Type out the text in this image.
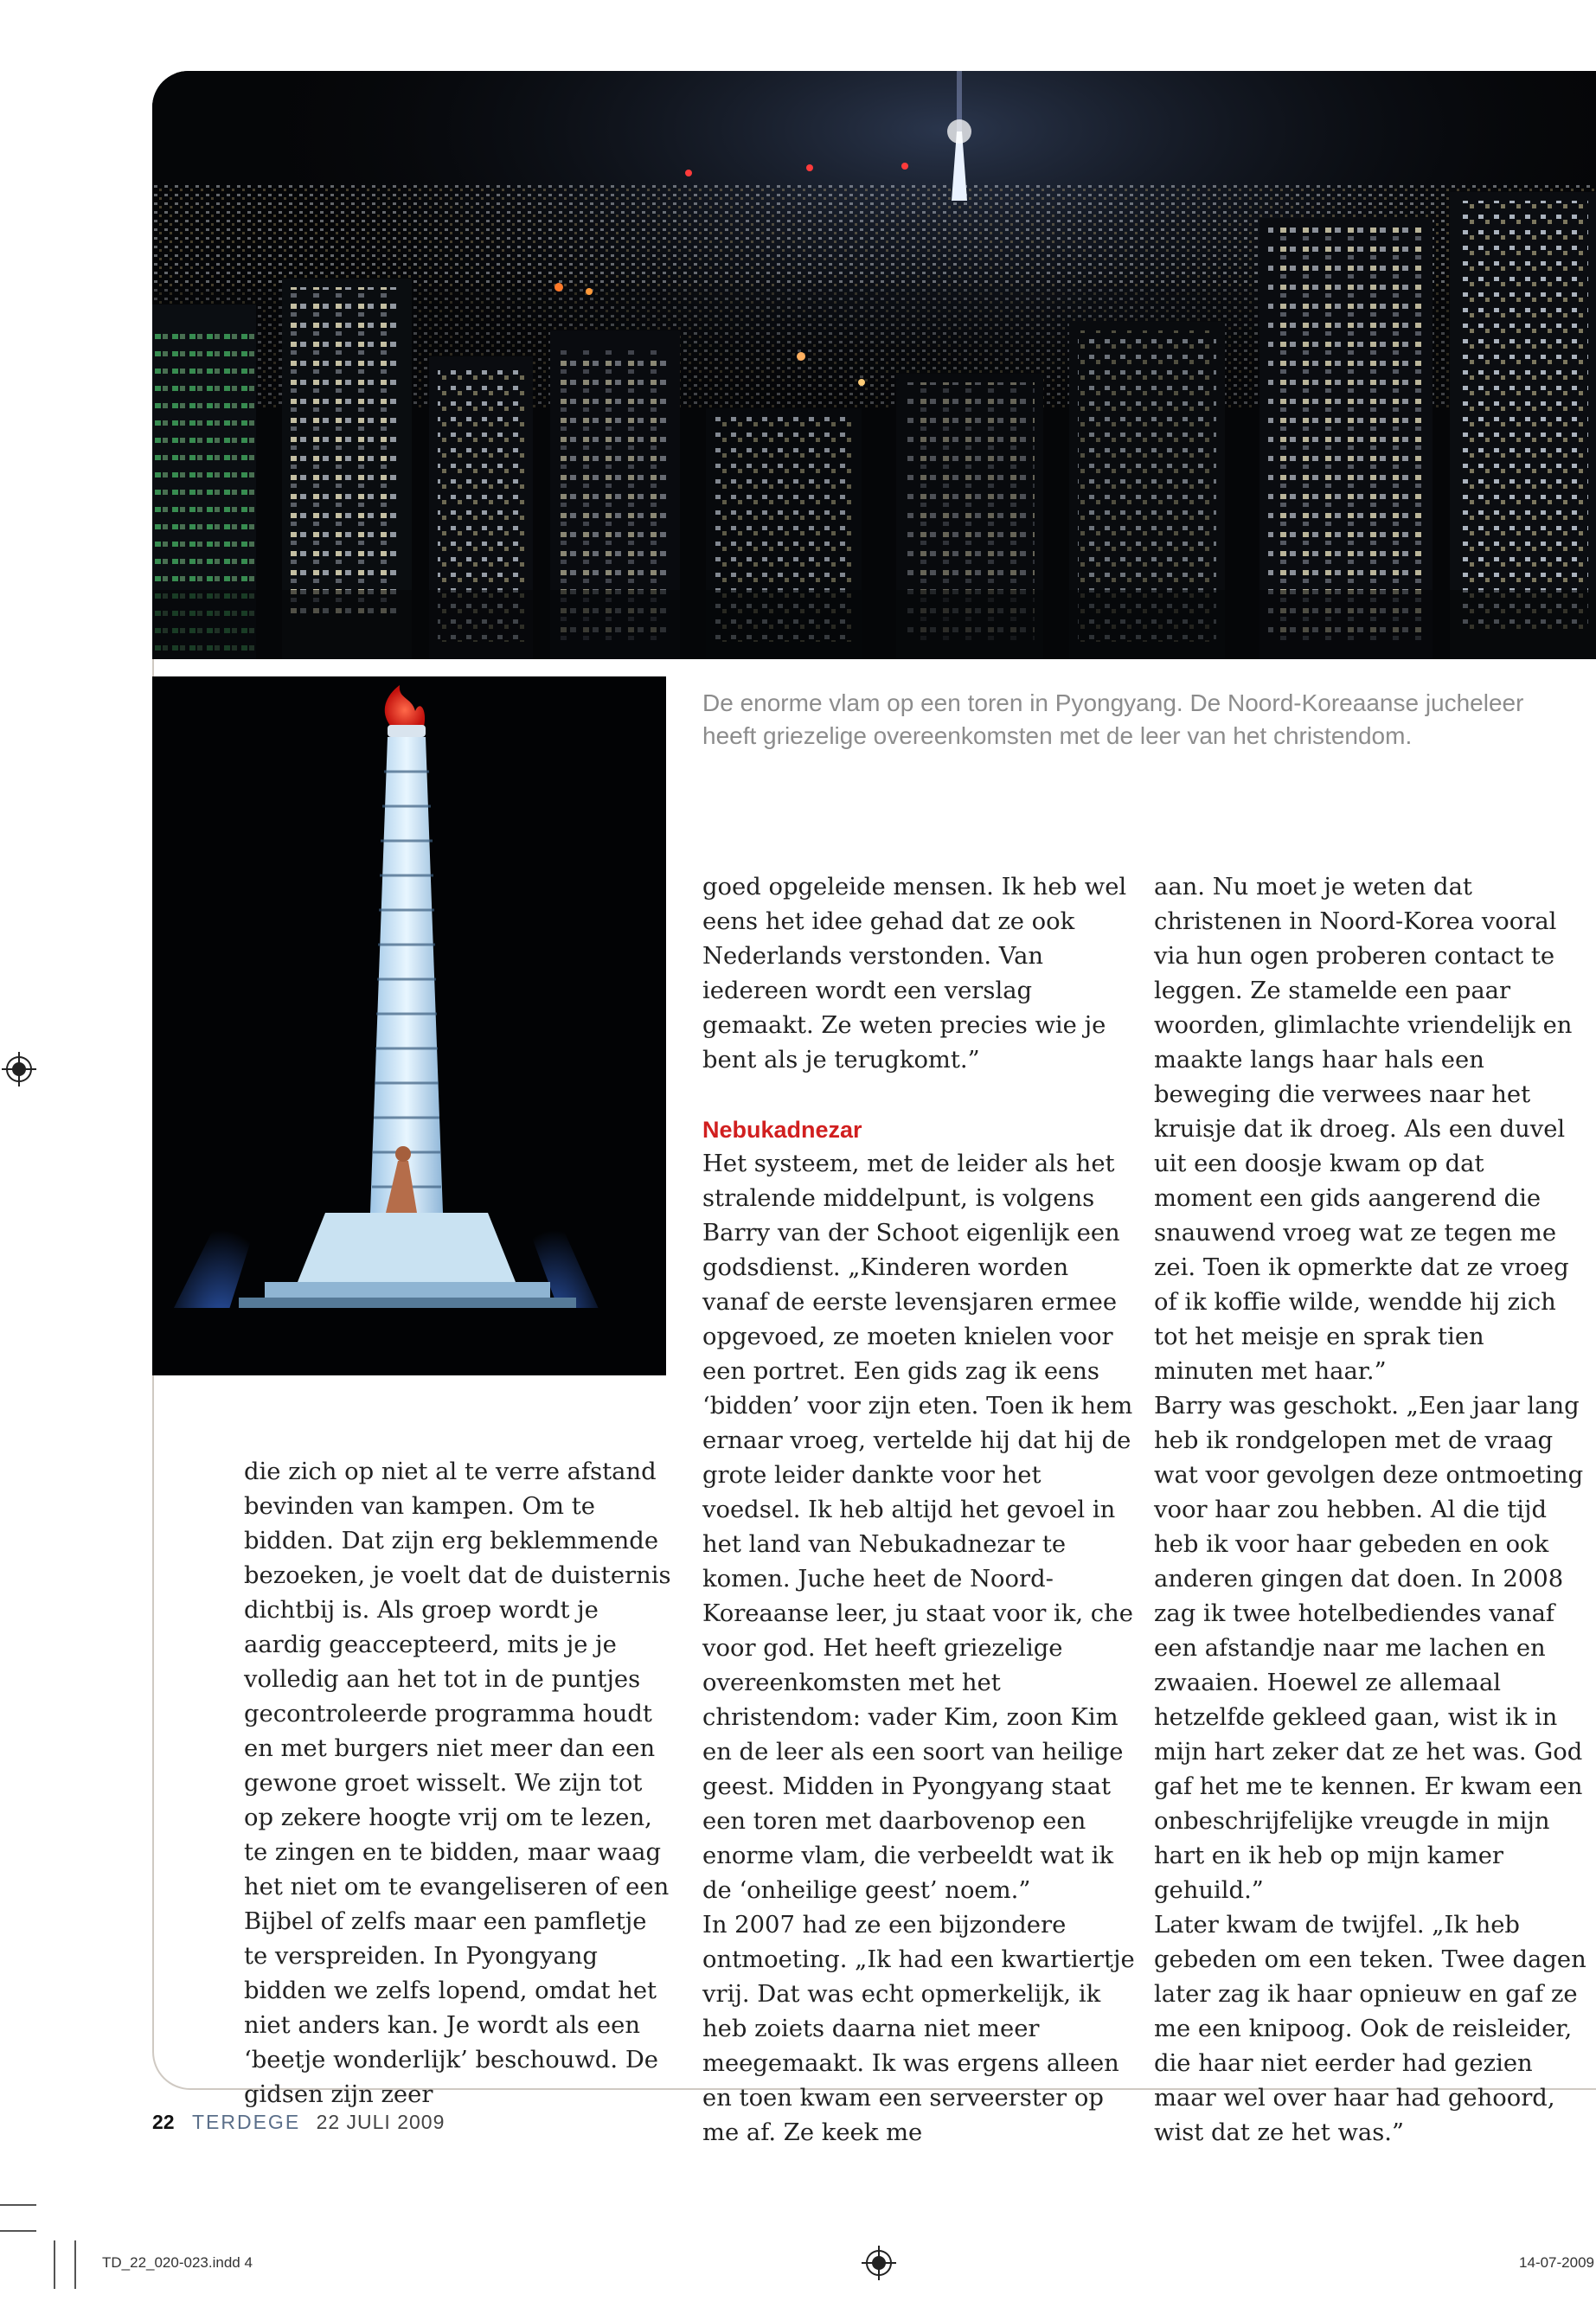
De enorme vlam op een toren in Pyongyang. De Noord-Koreaanse jucheleer
heeft griezelige overeenkomsten met de leer van het christendom.

die zich op niet al te verre afstand bevinden van kampen. Om te bidden. Dat zijn erg beklemmende bezoeken, je voelt dat de duisternis dichtbij is. Als groep wordt je aardig geaccepteerd, mits je je volledig aan het tot in de puntjes gecontroleerde programma houdt en met burgers niet meer dan een gewone groet wisselt. We zijn tot op zekere hoogte vrij om te lezen, te zingen en te bidden, maar waag het niet om te evangeliseren of een Bijbel of zelfs maar een pamfletje te verspreiden. In Pyongyang bidden we zelfs lopend, omdat het niet anders kan. Je wordt als een ‘beetje wonderlijk’ beschouwd. De gidsen zijn zeer

goed opgeleide mensen. Ik heb wel eens het idee gehad dat ze ook Nederlands verstonden. Van iedereen wordt een verslag gemaakt. Ze weten precies wie je bent als je terugkomt.”

Nebukadnezar

Het systeem, met de leider als het stralende middelpunt, is volgens Barry van der Schoot eigenlijk een godsdienst. „Kinderen worden vanaf de eerste levensjaren ermee opgevoed, ze moeten knielen voor een portret. Een gids zag ik eens ‘bidden’ voor zijn eten. Toen ik hem ernaar vroeg, vertelde hij dat hij de grote leider dankte voor het voedsel. Ik heb altijd het gevoel in het land van Nebukadnezar te komen. Juche heet de Noord-Koreaanse leer, ju staat voor ik, che voor god. Het heeft griezelige overeenkomsten met het christendom: vader Kim, zoon Kim en de leer als een soort van heilige geest. Midden in Pyongyang staat een toren met daarbovenop een enorme vlam, die verbeeldt wat ik de ‘onheilige geest’ noem.”

In 2007 had ze een bijzondere ontmoeting. „Ik had een kwartiertje vrij. Dat was echt opmerkelijk, ik heb zoiets daarna niet meer meegemaakt. Ik was ergens alleen en toen kwam een serveerster op me af. Ze keek me

aan. Nu moet je weten dat christenen in Noord-Korea vooral via hun ogen proberen contact te leggen. Ze stamelde een paar woorden, glimlachte vriendelijk en maakte langs haar hals een beweging die verwees naar het kruisje dat ik droeg. Als een duvel uit een doosje kwam op dat moment een gids aangerend die snauwend vroeg wat ze tegen me zei. Toen ik opmerkte dat ze vroeg of ik koffie wilde, wendde hij zich tot het meisje en sprak tien minuten met haar.”

Barry was geschokt. „Een jaar lang heb ik rondgelopen met de vraag wat voor gevolgen deze ontmoeting voor haar zou hebben. Al die tijd heb ik voor haar gebeden en ook anderen gingen dat doen. In 2008 zag ik twee hotelbediendes vanaf een afstandje naar me lachen en zwaaien. Hoewel ze allemaal hetzelfde gekleed gaan, wist ik in mijn hart zeker dat ze het was. God gaf het me te kennen. Er kwam een onbeschrijfelijke vreugde in mijn hart en ik heb op mijn kamer gehuild.”

Later kwam de twijfel. „Ik heb gebeden om een teken. Twee dagen later zag ik haar opnieuw en gaf ze me een knipoog. Ook de reisleider, die haar niet eerder had gezien maar wel over haar had gehoord, wist dat ze het was.”

22 TERDEGE 22 JULI 2009
TD_22_020-023.indd 4	14-07-2009
